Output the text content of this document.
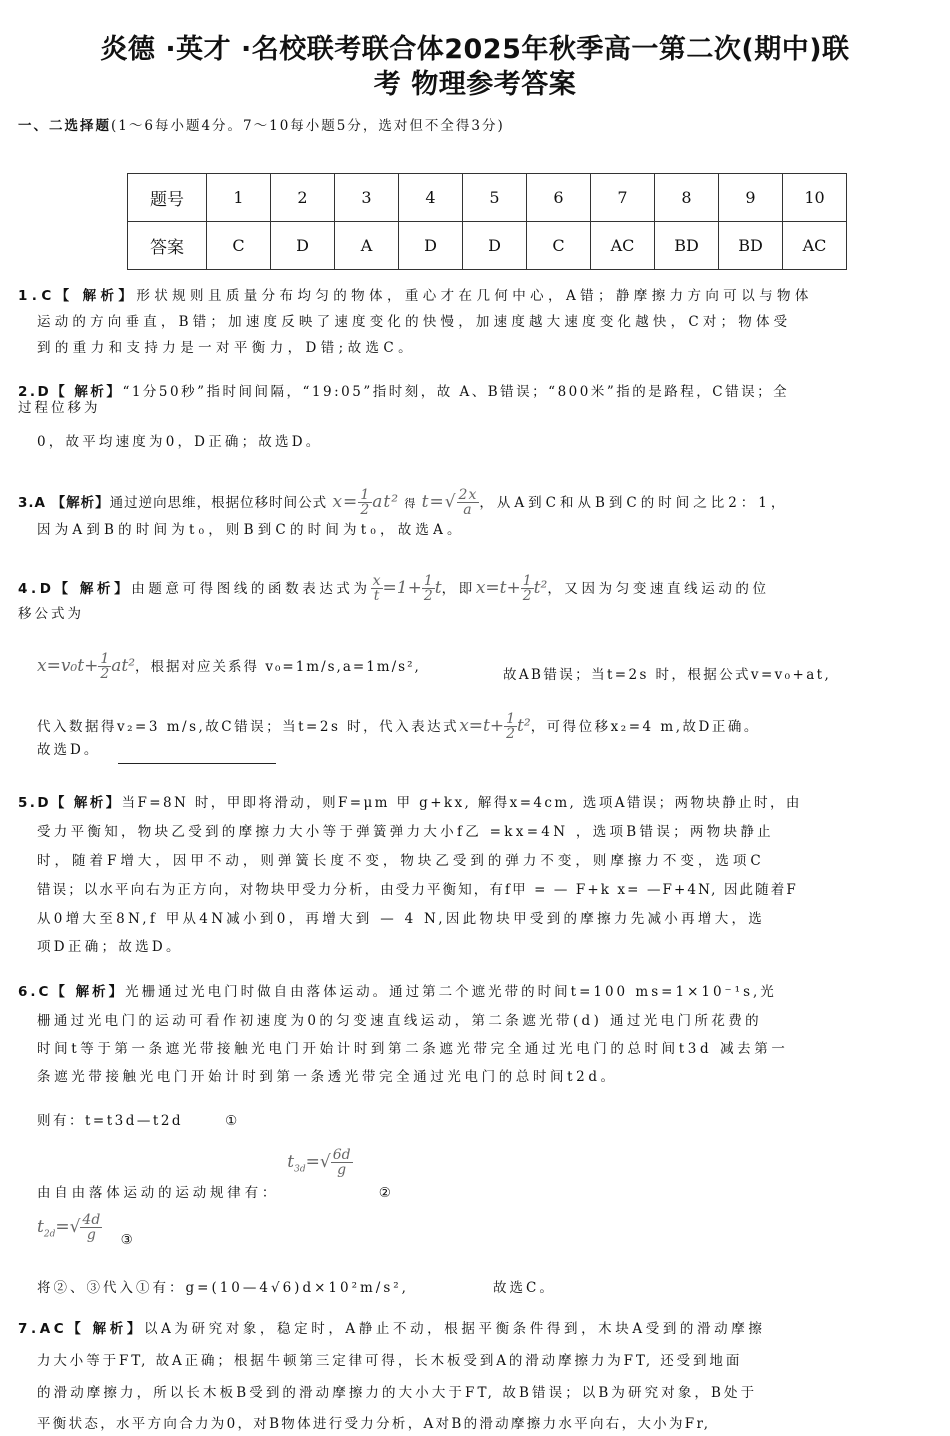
炎德 ·英才 ·名校联考联合体2025年秋季高一第二次(期中)联
考 物理参考答案
一、二选择题(1～6每小题4分。7～10每小题5分，选对但不全得3分)
题号	1	2	3	4	5	6	7	8	9	10
答案	C	D	A	D	D	C	AC	BD	BD	AC
1.C【 解析】形状规则且质量分布均匀的物体，重心才在几何中心，A错；静摩擦力方向可以与物体
运动的方向垂直，B错；加速度反映了速度变化的快慢，加速度越大速度变化越快，C对；物体受
到的重力和支持力是一对平衡力，D错;故选C。
2.D【 解析】“1分50秒”指时间间隔，“19:05”指时刻，故 A、B错误；“800米”指的是路程，C错误；全
过程位移为
0，故平均速度为0，D正确；故选D。
3.A 【解析】通过逆向思维，根据位移时间公式 $x= \frac{1}{2} at^2$ 得 $t=√ \frac{2x}{a}$ ，从A到C和从B到C的时间之比2：1，
因为A到B的时间为t₀，则B到C的时间为t₀，故选A。
4.D【 解析】由题意可得图线的函数表达式为 $\frac{x}{t} =1+ \frac{1}{2}$ t，即$x=t+ \frac{1}{2} t^2$，又因为匀变速直线运动的位
移公式为
$x=v_0t+ \frac{1}{2} at^2$，根据对应关系得 v₀=1m/s,a=1m/s²,	故AB错误；当t=2s 时，根据公式v=v₀+at,
代入数据得v₂=3 m/s,故C错误；当t=2s 时，代入表达式$x=t+ \frac{1}{2} t^2$，可得位移x₂=4 m,故D正确。
故选D。
5.D【 解析】当F=8N 时，甲即将滑动，则F=μm 甲 g+kx, 解得x=4cm, 选项A错误；两物块静止时，由
受力平衡知，物块乙受到的摩擦力大小等于弹簧弹力大小f乙 =kx=4N ，选项B错误；两物块静止
时，随着F增大，因甲不动，则弹簧长度不变，物块乙受到的弹力不变，则摩擦力不变，选项C
错误；以水平向右为正方向，对物块甲受力分析，由受力平衡知，有f甲 = — F+k x= —F+4N, 因此随着F
从0增大至8N,f 甲从4N减小到0，再增大到 — 4 N,因此物块甲受到的摩擦力先减小再增大，选
项D正确；故选D。
6.C【 解析】光栅通过光电门时做自由落体运动。通过第二个遮光带的时间t=100 ms=1×10⁻¹s,光
栅通过光电门的运动可看作初速度为0的匀变速直线运动，第二条遮光带(d) 通过光电门所花费的
时间t等于第一条遮光带接触光电门开始计时到第二条遮光带完全通过光电门的总时间t3d 减去第一
条遮光带接触光电门开始计时到第一条透光带完全通过光电门的总时间t2d。
则有：t=t3d—t2d	①
由自由落体运动的运动规律有： $t_{3d}=√ \frac{6d}{g}$
②
$t_{2d}=√ \frac{4d}{g}$ ③
将②、③代入①有：g=(10—4√6)d×10²m/s²,	故选C。
7.AC【 解析】以A为研究对象，稳定时，A静止不动，根据平衡条件得到，木块A受到的滑动摩擦
力大小等于FT, 故A正确；根据牛顿第三定律可得，长木板受到A的滑动摩擦力为FT, 还受到地面
的滑动摩擦力，所以长木板B受到的滑动摩擦力的大小大于FT, 故B错误；以B为研究对象，B处于
平衡状态，水平方向合力为0，对B物体进行受力分析，A对B的滑动摩擦力水平向右，大小为Fr,
